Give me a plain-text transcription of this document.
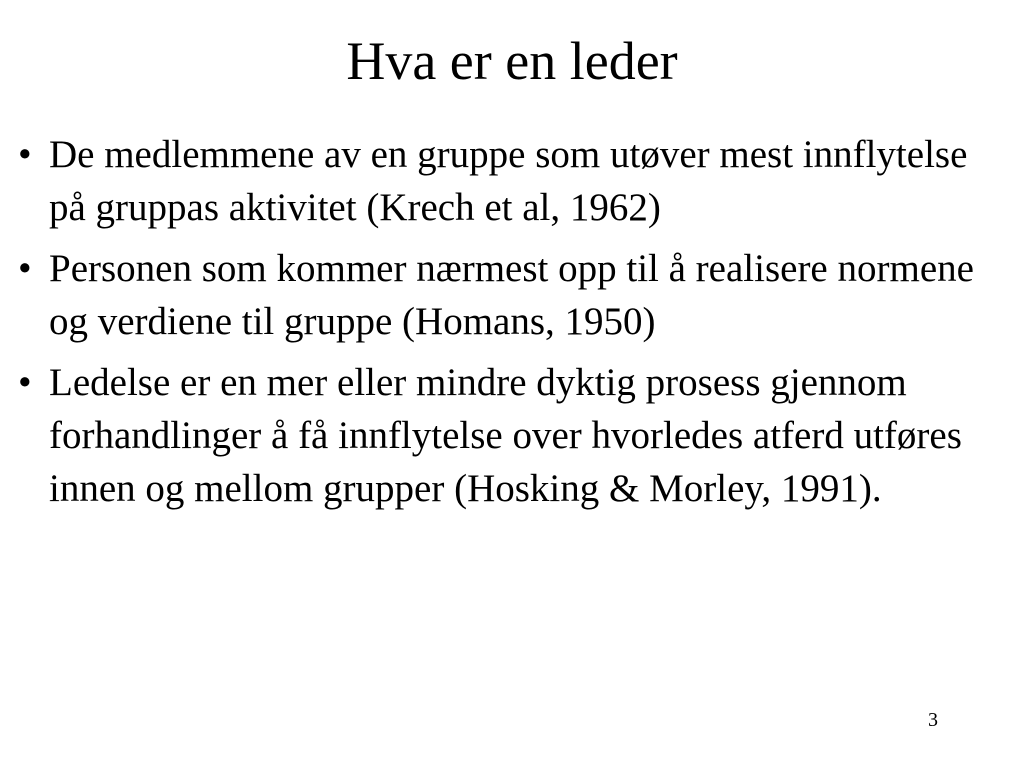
Hva er en leder
• De medlemmene av en gruppe som utøver mest innflytelse på gruppas aktivitet (Krech et al, 1962)
• Personen som kommer nærmest opp til å realisere normene og verdiene til gruppe (Homans, 1950)
• Ledelse er en mer eller mindre dyktig prosess gjennom forhandlinger å få innflytelse over hvorledes atferd utføres innen og mellom grupper (Hosking & Morley, 1991).
3
